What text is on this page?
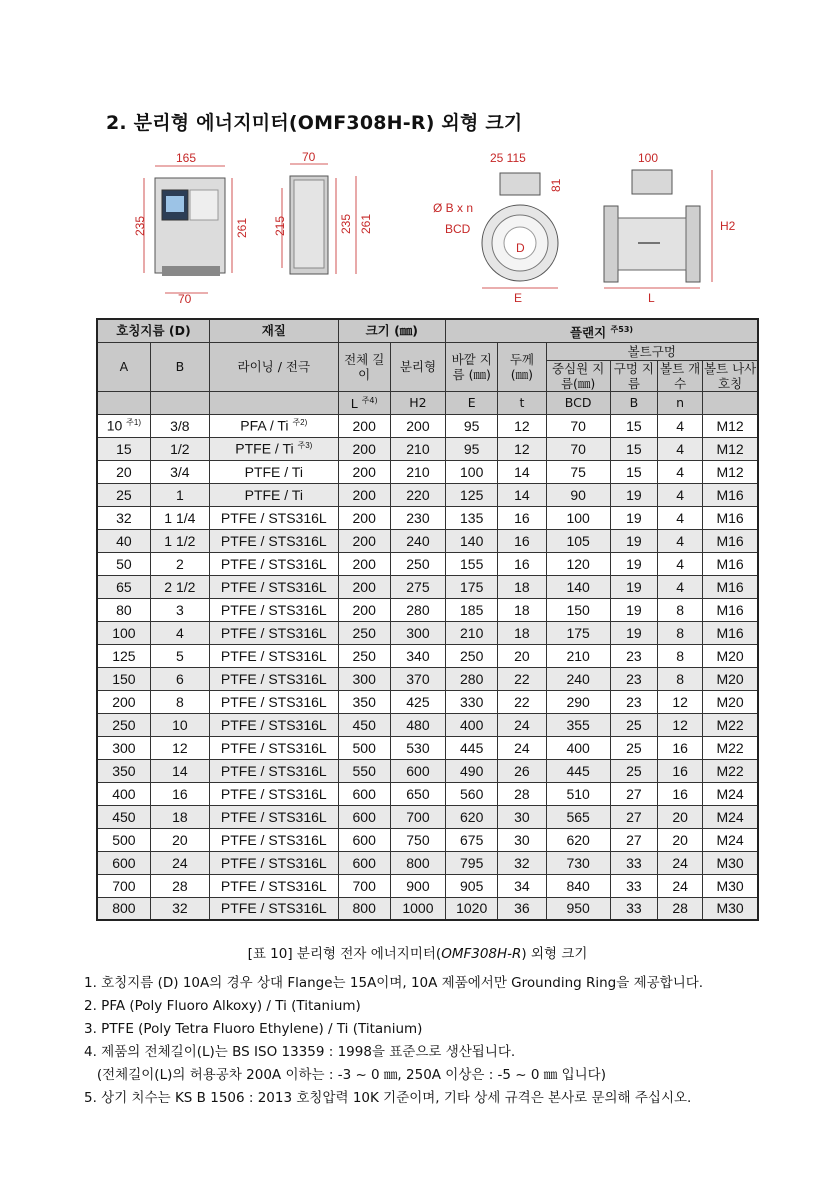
2. 분리형 에너지미터(OMF308H-R) 외형 크기
165
235	261
70
70
215	235 261
D
25 115
81
Ø B x n
BCD
E
100
H2
L
호칭지름 (D)		재질	크기 (㎜)		플랜지 $^{주53)}$
A	B	라이닝 / 전극	전체 길이	분리형	바깥 지름 (㎜)	두께 (㎜)	볼트구멍			
							중심원 지름(㎜)	구멍 지름	볼트 개수	볼트 나사 호칭
			L $^{주4)}$	H2	E	t	BCD	B	n	
10 $^{주1)}$	3/8	PFA / Ti $^{주2)}$	200	200	95	12	70	15	4	M12
15	1/2	PTFE / Ti $^{주3)}$	200	210	95	12	70	15	4	M12
20	3/4	PTFE / Ti	200	210	100	14	75	15	4	M12
25	1	PTFE / Ti	200	220	125	14	90	19	4	M16
32	1 1/4	PTFE / STS316L	200	230	135	16	100	19	4	M16
40	1 1/2	PTFE / STS316L	200	240	140	16	105	19	4	M16
50	2	PTFE / STS316L	200	250	155	16	120	19	4	M16
65	2 1/2	PTFE / STS316L	200	275	175	18	140	19	4	M16
80	3	PTFE / STS316L	200	280	185	18	150	19	8	M16
100	4	PTFE / STS316L	250	300	210	18	175	19	8	M16
125	5	PTFE / STS316L	250	340	250	20	210	23	8	M20
150	6	PTFE / STS316L	300	370	280	22	240	23	8	M20
200	8	PTFE / STS316L	350	425	330	22	290	23	12	M20
250	10	PTFE / STS316L	450	480	400	24	355	25	12	M22
300	12	PTFE / STS316L	500	530	445	24	400	25	16	M22
350	14	PTFE / STS316L	550	600	490	26	445	25	16	M22
400	16	PTFE / STS316L	600	650	560	28	510	27	16	M24
450	18	PTFE / STS316L	600	700	620	30	565	27	20	M24
500	20	PTFE / STS316L	600	750	675	30	620	27	20	M24
600	24	PTFE / STS316L	600	800	795	32	730	33	24	M30
700	28	PTFE / STS316L	700	900	905	34	840	33	24	M30
800	32	PTFE / STS316L	800	1000	1020	36	950	33	28	M30
[표 10] 분리형 전자 에너지미터(OMF308H-R) 외형 크기
1. 호칭지름 (D) 10A의 경우 상대 Flange는 15A이며, 10A 제품에서만 Grounding Ring을 제공합니다.
2. PFA (Poly Fluoro Alkoxy) / Ti (Titanium)
3. PTFE (Poly Tetra Fluoro Ethylene) / Ti (Titanium)
4. 제품의 전체길이(L)는 BS ISO 13359 : 1998을 표준으로 생산됩니다.
(전체길이(L)의 허용공차 200A 이하는 : -3 ~ 0 ㎜, 250A 이상은 : -5 ~ 0 ㎜ 입니다)
5. 상기 치수는 KS B 1506 : 2013 호칭압력 10K 기준이며, 기타 상세 규격은 본사로 문의해 주십시오.
